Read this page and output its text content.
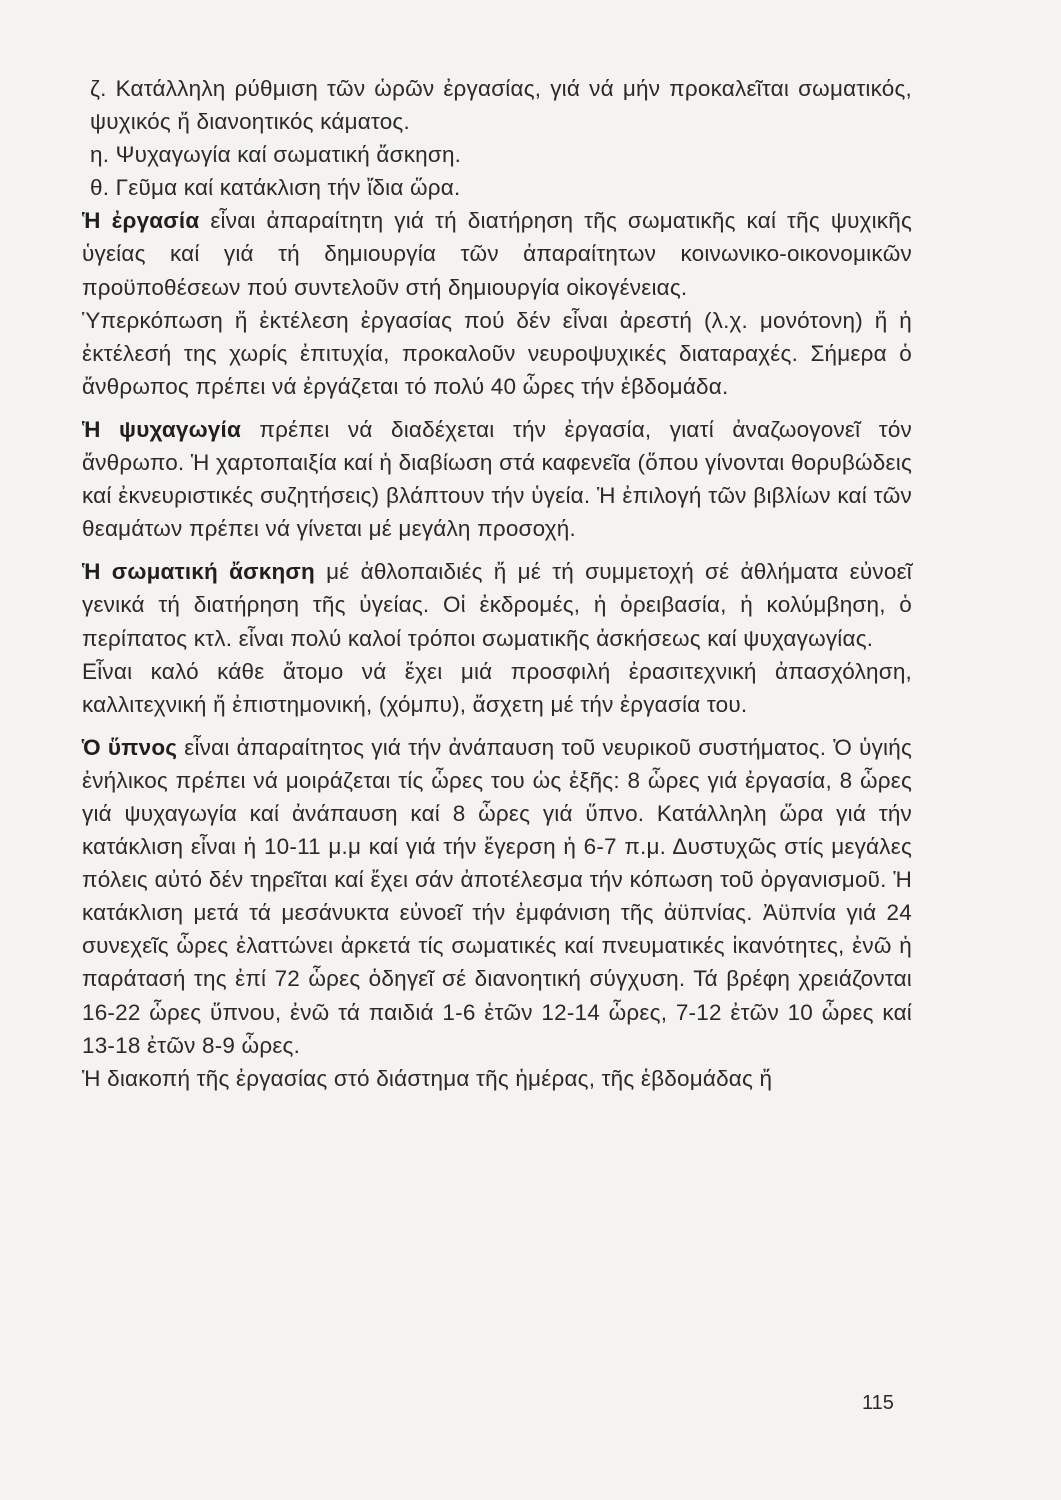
ζ. Κατάλληλη ρύθμιση τῶν ὡρῶν ἐργασίας, γιά νά μήν προκαλεῖται σωματικός, ψυχικός ἤ διανοητικός κάματος.

η. Ψυχαγωγία καί σωματική ἄσκηση.

θ. Γεῦμα καί κατάκλιση τήν ἴδια ὥρα.

Ἡ ἐργασία εἶναι ἀπαραίτητη γιά τή διατήρηση τῆς σωματικῆς καί τῆς ψυχικῆς ὑγείας καί γιά τή δημιουργία τῶν ἀπαραίτητων κοινωνικο-οικονομικῶν προϋποθέσεων πού συντελοῦν στή δημιουργία οἰκογένειας.

Ὑπερκόπωση ἤ ἐκτέλεση ἐργασίας πού δέν εἶναι ἀρεστή (λ.χ. μονότονη) ἤ ἡ ἐκτέλεσή της χωρίς ἐπιτυχία, προκαλοῦν νευροψυχικές διαταραχές. Σήμερα ὁ ἄνθρωπος πρέπει νά ἐργάζεται τό πολύ 40 ὧρες τήν ἑβδομάδα.

Ἡ ψυχαγωγία πρέπει νά διαδέχεται τήν ἐργασία, γιατί ἀναζωογονεῖ τόν ἄνθρωπο. Ἡ χαρτοπαιξία καί ἡ διαβίωση στά καφενεῖα (ὅπου γίνονται θορυβώδεις καί ἐκνευριστικές συζητήσεις) βλάπτουν τήν ὑγεία. Ἡ ἐπιλογή τῶν βιβλίων καί τῶν θεαμάτων πρέπει νά γίνεται μέ μεγάλη προσοχή.

Ἡ σωματική ἄσκηση μέ ἀθλοπαιδιές ἤ μέ τή συμμετοχή σέ ἀθλήματα εὐνοεῖ γενικά τή διατήρηση τῆς ὑγείας. Οἱ ἐκδρομές, ἡ ὀρειβασία, ἡ κολύμβηση, ὁ περίπατος κτλ. εἶναι πολύ καλοί τρόποι σωματικῆς ἀσκήσεως καί ψυχαγωγίας.

Εἶναι καλό κάθε ἄτομο νά ἔχει μιά προσφιλή ἐρασιτεχνική ἀπασχόληση, καλλιτεχνική ἤ ἐπιστημονική, (χόμπυ), ἄσχετη μέ τήν ἐργασία του.

Ὁ ὕπνος εἶναι ἀπαραίτητος γιά τήν ἀνάπαυση τοῦ νευρικοῦ συστήματος. Ὁ ὑγιής ἐνήλικος πρέπει νά μοιράζεται τίς ὧρες του ὡς ἑξῆς: 8 ὧρες γιά ἐργασία, 8 ὧρες γιά ψυχαγωγία καί ἀνάπαυση καί 8 ὧρες γιά ὕπνο. Κατάλληλη ὥρα γιά τήν κατάκλιση εἶναι ἡ 10-11 μ.μ καί γιά τήν ἔγερση ἡ 6-7 π.μ. Δυστυχῶς στίς μεγάλες πόλεις αὐτό δέν τηρεῖται καί ἔχει σάν ἀποτέλεσμα τήν κόπωση τοῦ ὀργανισμοῦ. Ἡ κατάκλιση μετά τά μεσάνυκτα εὐνοεῖ τήν ἐμφάνιση τῆς ἀϋπνίας. Ἀϋπνία γιά 24 συνεχεῖς ὧρες ἐλαττώνει ἀρκετά τίς σωματικές καί πνευματικές ἱκανότητες, ἐνῶ ἡ παράτασή της ἐπί 72 ὧρες ὁδηγεῖ σέ διανοητική σύγχυση. Τά βρέφη χρειάζονται 16-22 ὧρες ὕπνου, ἐνῶ τά παιδιά 1-6 ἐτῶν 12-14 ὧρες, 7-12 ἐτῶν 10 ὧρες καί 13-18 ἐτῶν 8-9 ὧρες.

Ἡ διακοπή τῆς ἐργασίας στό διάστημα τῆς ἡμέρας, τῆς ἑβδομάδας ἤ

115
